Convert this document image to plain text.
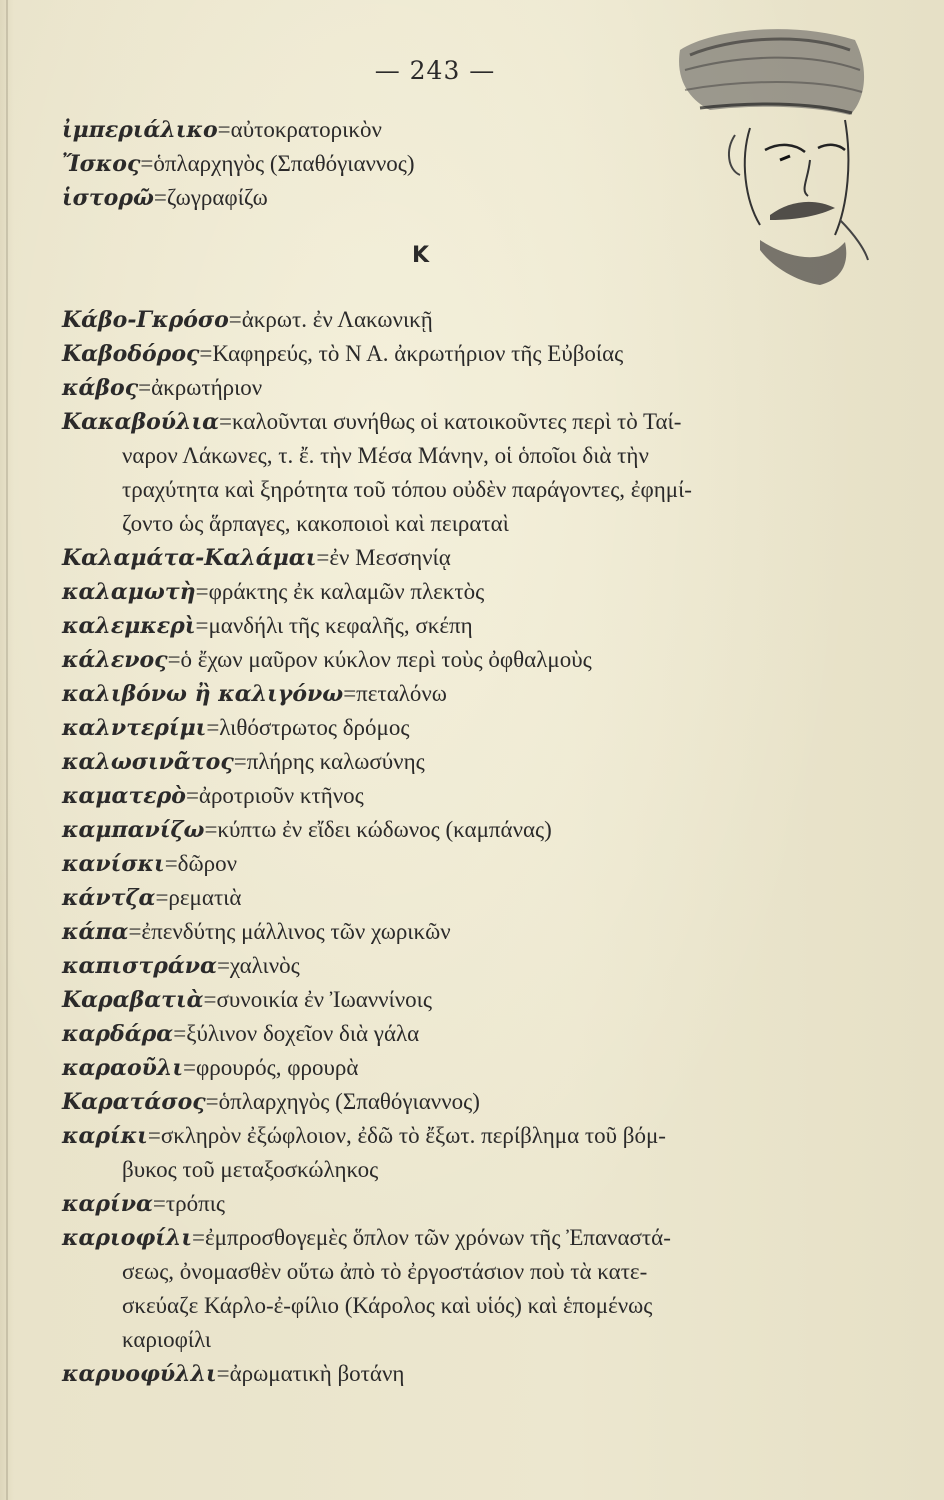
— 243 —
K
ἰμπεριάλικο=αὐτοκρατορικὸν
Ἴσκος=ὁπλαρχηγὸς (Σπαθόγιαννος)
ἱστορῶ=ζωγραφίζω
Κάβο-Γκρόσο=ἀκρωτ. ἐν Λακωνικῇ
Καβοδόρος=Καφηρεύς, τὸ Ν Α. ἀκρωτήριον τῆς Εὐβοίας
κάβος=ἀκρωτήριον
Κακαβούλια=καλοῦνται συνήθως οἱ κατοικοῦντες περὶ τὸ Ταί-
ναρον Λάκωνες, τ. ἔ. τὴν Μέσα Μάνην, οἱ ὁποῖοι διὰ τὴν
τραχύτητα καὶ ξηρότητα τοῦ τόπου οὐδὲν παράγοντες, ἐφημί-
ζοντο ὡς ἅρπαγες, κακοποιοὶ καὶ πειραταὶ
Καλαμάτα-Καλάμαι=ἐν Μεσσηνίᾳ
καλαμωτὴ=φράκτης ἐκ καλαμῶν πλεκτὸς
καλεμκερὶ=μανδήλι τῆς κεφαλῆς, σκέπη
κάλενος=ὁ ἔχων μαῦρον κύκλον περὶ τοὺς ὀφθαλμοὺς
καλιβόνω ἢ καλιγόνω=πεταλόνω
καλντερίμι=λιθόστρωτος δρόμος
καλωσινᾶτος=πλήρης καλωσύνης
καματερὸ=ἀροτριοῦν κτῆνος
καμπανίζω=κύπτω ἐν εἴδει κώδωνος (καμπάνας)
κανίσκι=δῶρον
κάντζα=ρεματιὰ
κάπα=ἐπενδύτης μάλλινος τῶν χωρικῶν
καπιστράνα=χαλινὸς
Καραβατιὰ=συνοικία ἐν Ἰωαννίνοις
καρδάρα=ξύλινον δοχεῖον διὰ γάλα
καραοῦλι=φρουρός, φρουρὰ
Καρατάσος=ὁπλαρχηγὸς (Σπαθόγιαννος)
καρίκι=σκληρὸν ἐξώφλοιον, ἐδῶ τὸ ἔξωτ. περίβλημα τοῦ βόμ-
βυκος τοῦ μεταξοσκώληκος
καρίνα=τρόπις
καριοφίλι=ἐμπροσθογεμὲς ὅπλον τῶν χρόνων τῆς Ἐπαναστά-
σεως, ὀνομασθὲν οὕτω ἀπὸ τὸ ἐργοστάσιον ποὺ τὰ κατε-
σκεύαζε Κάρλο-ἐ-φίλιο (Κάρολος καὶ υἱός) καὶ ἑπομένως
καριοφίλι
καρυοφύλλι=ἀρωματικὴ βοτάνη
